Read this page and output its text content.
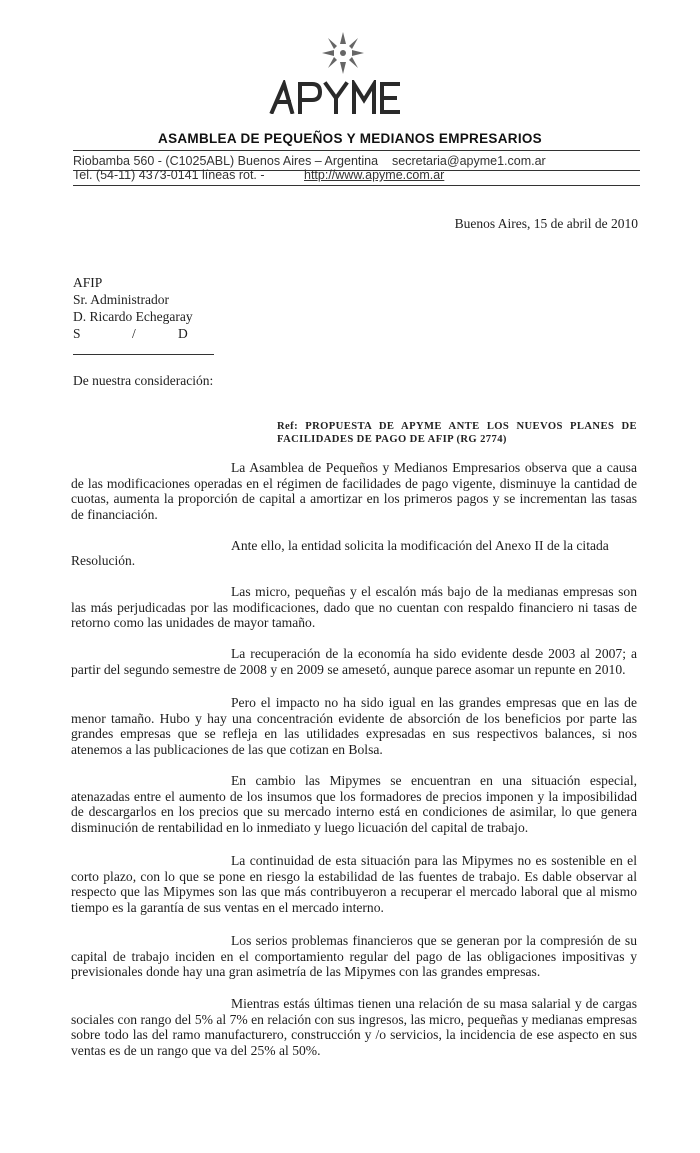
ASAMBLEA DE PEQUEÑOS Y MEDIANOS EMPRESARIOS
Riobamba 560 - (C1025ABL) Buenos Aires – Argentina secretaria@apyme1.com.ar
Tel. (54-11) 4373-0141 líneas rot. -	http://www.apyme.com.ar
Buenos Aires, 15 de abril de 2010
AFIP
Sr. Administrador
D. Ricardo Echegaray
S	/	D
De nuestra consideración:
Ref: PROPUESTA DE APYME ANTE LOS NUEVOS PLANES DE FACILIDADES DE PAGO DE AFIP (RG 2774)
La Asamblea de Pequeños y Medianos Empresarios observa que a causa de las modificaciones operadas en el régimen de facilidades de pago vigente, disminuye la cantidad de cuotas, aumenta la proporción de capital a amortizar en los primeros pagos y se incrementan las tasas de financiación.
Ante ello, la entidad solicita la modificación del Anexo II de la citada
Resolución.
Las micro, pequeñas y el escalón más bajo de la medianas empresas son las más perjudicadas por las modificaciones, dado que no cuentan con respaldo financiero ni tasas de retorno como las unidades de mayor tamaño.
La recuperación de la economía ha sido evidente desde 2003 al 2007; a partir del segundo semestre de 2008 y en 2009 se amesetó, aunque parece asomar un repunte en 2010.
Pero el impacto no ha sido igual en las grandes empresas que en las de menor tamaño. Hubo y hay una concentración evidente de absorción de los beneficios por parte las grandes empresas que se refleja en las utilidades expresadas en sus respectivos balances, si nos atenemos a las publicaciones de las que cotizan en Bolsa.
En cambio las Mipymes se encuentran en una situación especial, atenazadas entre el aumento de los insumos que los formadores de precios imponen y la imposibilidad de descargarlos en los precios que su mercado interno está en condiciones de asimilar, lo que genera disminución de rentabilidad en lo inmediato y luego licuación del capital de trabajo.
La continuidad de esta situación para las Mipymes no es sostenible en el corto plazo, con lo que se pone en riesgo la estabilidad de las fuentes de trabajo. Es dable observar al respecto que las Mipymes son las que más contribuyeron a recuperar el mercado laboral que al mismo tiempo es la garantía de sus ventas en el mercado interno.
Los serios problemas financieros que se generan por la compresión de su capital de trabajo inciden en el comportamiento regular del pago de las obligaciones impositivas y previsionales donde hay una gran asimetría de las Mipymes con las grandes empresas.
Mientras estás últimas tienen una relación de su masa salarial y de cargas sociales con rango del 5% al 7% en relación con sus ingresos, las micro, pequeñas y medianas empresas sobre todo las del ramo manufacturero, construcción y /o servicios, la incidencia de ese aspecto en sus ventas es de un rango que va del 25% al 50%.
